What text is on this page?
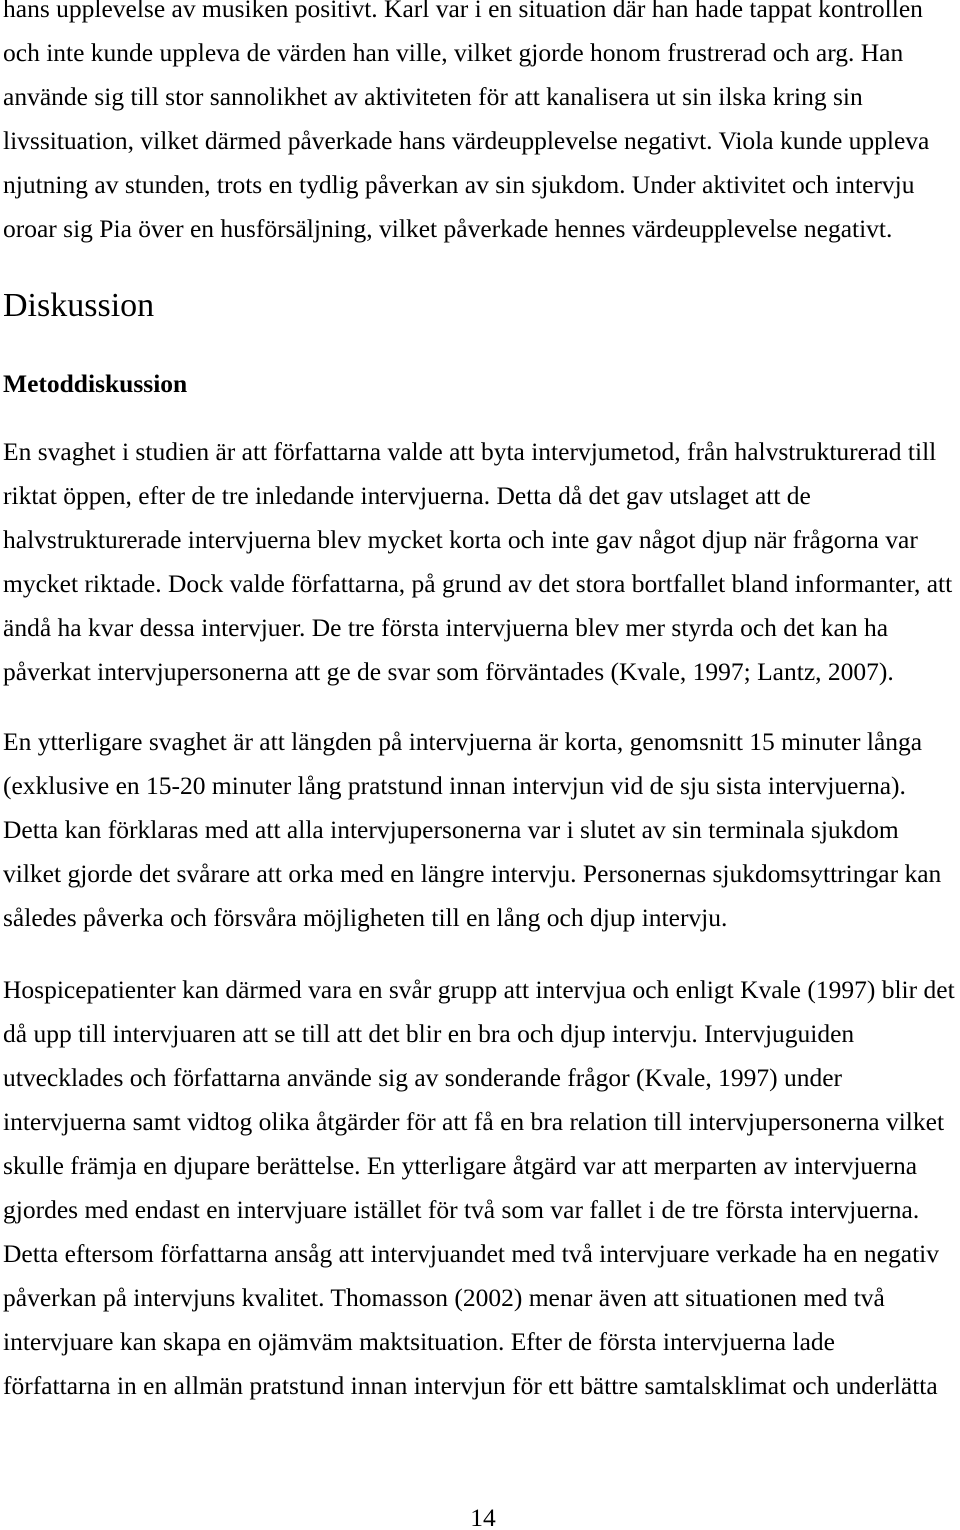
hans upplevelse av musiken positivt. Karl var i en situation där han hade tappat kontrollen
och inte kunde uppleva de värden han ville, vilket gjorde honom frustrerad och arg. Han
använde sig till stor sannolikhet av aktiviteten för att kanalisera ut sin ilska kring sin
livssituation, vilket därmed påverkade hans värdeupplevelse negativt. Viola kunde uppleva
njutning av stunden, trots en tydlig påverkan av sin sjukdom. Under aktivitet och intervju
oroar sig Pia över en husförsäljning, vilket påverkade hennes värdeupplevelse negativt.
Diskussion
Metoddiskussion
En svaghet i studien är att författarna valde att byta intervjumetod, från halvstrukturerad till
riktat öppen, efter de tre inledande intervjuerna. Detta då det gav utslaget att de
halvstrukturerade intervjuerna blev mycket korta och inte gav något djup när frågorna var
mycket riktade. Dock valde författarna, på grund av det stora bortfallet bland informanter, att
ändå ha kvar dessa intervjuer. De tre första intervjuerna blev mer styrda och det kan ha
påverkat intervjupersonerna att ge de svar som förväntades (Kvale, 1997; Lantz, 2007).
En ytterligare svaghet är att längden på intervjuerna är korta, genomsnitt 15 minuter långa
(exklusive en 15-20 minuter lång pratstund innan intervjun vid de sju sista intervjuerna).
Detta kan förklaras med att alla intervjupersonerna var i slutet av sin terminala sjukdom
vilket gjorde det svårare att orka med en längre intervju. Personernas sjukdomsyttringar kan
således påverka och försvåra möjligheten till en lång och djup intervju.
Hospicepatienter kan därmed vara en svår grupp att intervjua och enligt Kvale (1997) blir det
då upp till intervjuaren att se till att det blir en bra och djup intervju. Intervjuguiden
utvecklades och författarna använde sig av sonderande frågor (Kvale, 1997) under
intervjuerna samt vidtog olika åtgärder för att få en bra relation till intervjupersonerna vilket
skulle främja en djupare berättelse. En ytterligare åtgärd var att merparten av intervjuerna
gjordes med endast en intervjuare istället för två som var fallet i de tre första intervjuerna.
Detta eftersom författarna ansåg att intervjuandet med två intervjuare verkade ha en negativ
påverkan på intervjuns kvalitet. Thomasson (2002) menar även att situationen med två
intervjuare kan skapa en ojämväm maktsituation. Efter de första intervjuerna lade
författarna in en allmän pratstund innan intervjun för ett bättre samtalsklimat och underlätta
14
